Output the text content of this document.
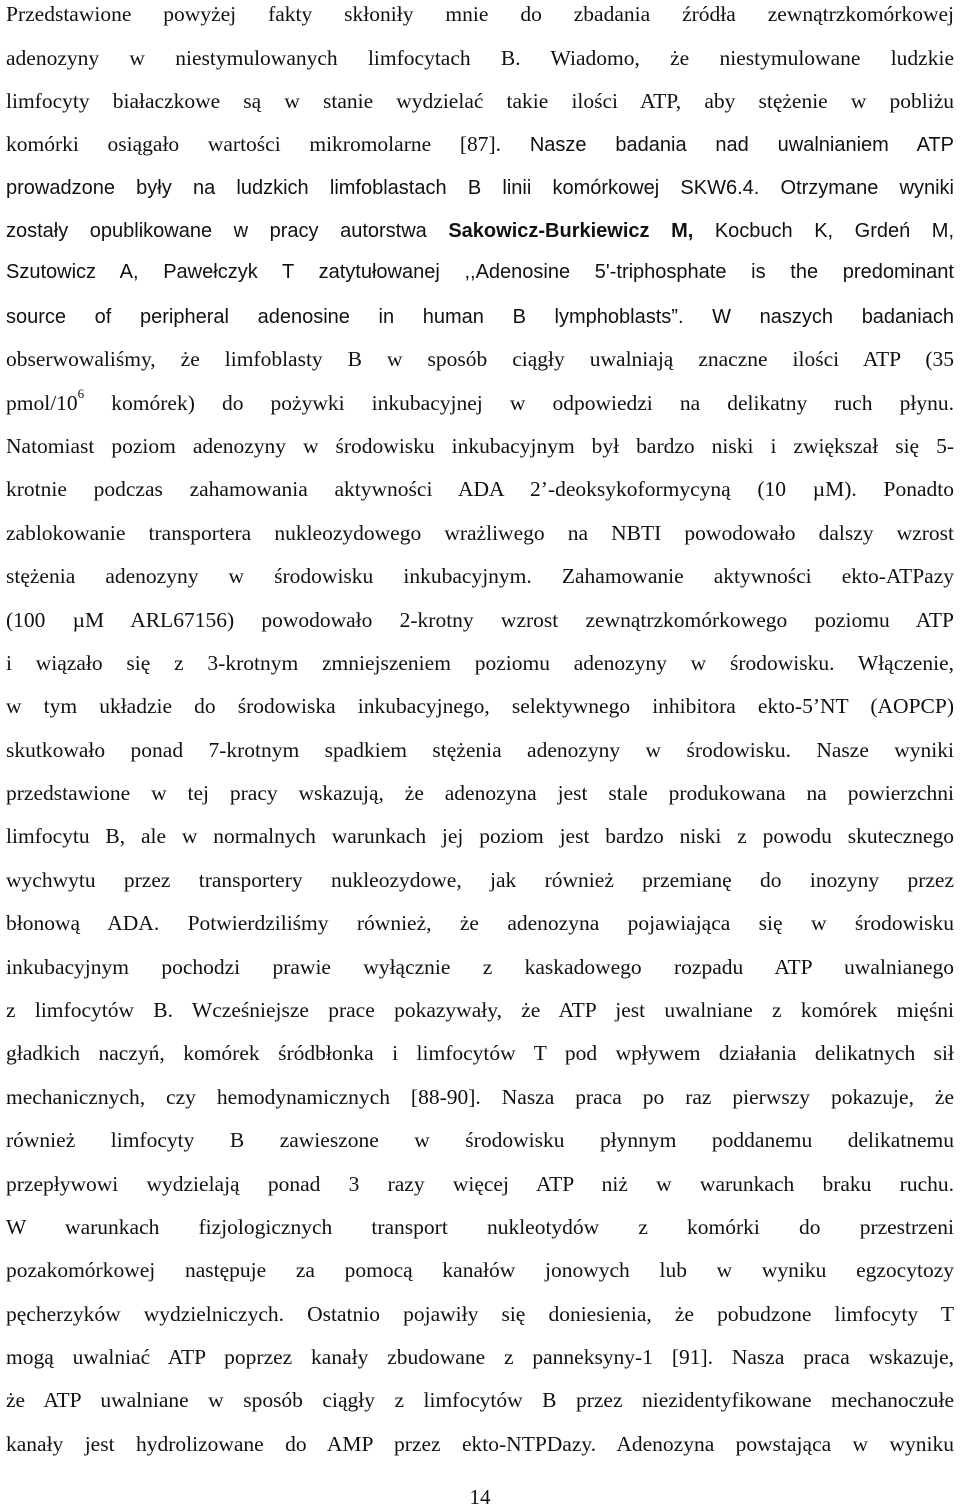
Przedstawione powyżej fakty skłoniły mnie do zbadania źródła zewnątrzkomórkowej
adenozyny w niestymulowanych limfocytach B. Wiadomo, że niestymulowane ludzkie
limfocyty białaczkowe są w stanie wydzielać takie ilości ATP, aby stężenie w pobliżu
komórki osiągało wartości mikromolarne [87]. Nasze badania nad uwalnianiem ATP
prowadzone były na ludzkich limfoblastach B linii komórkowej SKW6.4. Otrzymane wyniki
zostały opublikowane w pracy autorstwa Sakowicz-Burkiewicz M, Kocbuch K, Grdeń M,
Szutowicz A, Pawełczyk T zatytułowanej ,,Adenosine 5'-triphosphate is the predominant
source of peripheral adenosine in human B lymphoblasts”. W naszych badaniach
obserwowaliśmy, że limfoblasty B w sposób ciągły uwalniają znaczne ilości ATP (35
pmol/$10^6$ komórek) do pożywki inkubacyjnej w odpowiedzi na delikatny ruch płynu.
Natomiast poziom adenozyny w środowisku inkubacyjnym był bardzo niski i zwiększał się 5-
krotnie podczas zahamowania aktywności ADA 2’-deoksykoformycyną (10 µM). Ponadto
zablokowanie transportera nukleozydowego wrażliwego na NBTI powodowało dalszy wzrost
stężenia adenozyny w środowisku inkubacyjnym. Zahamowanie aktywności ekto-ATPazy
(100 µM ARL67156) powodowało 2-krotny wzrost zewnątrzkomórkowego poziomu ATP
i wiązało się z 3-krotnym zmniejszeniem poziomu adenozyny w środowisku. Włączenie,
w tym układzie do środowiska inkubacyjnego, selektywnego inhibitora ekto-5’NT (AOPCP)
skutkowało ponad 7-krotnym spadkiem stężenia adenozyny w środowisku. Nasze wyniki
przedstawione w tej pracy wskazują, że adenozyna jest stale produkowana na powierzchni
limfocytu B, ale w normalnych warunkach jej poziom jest bardzo niski z powodu skutecznego
wychwytu przez transportery nukleozydowe, jak również przemianę do inozyny przez
błonową ADA. Potwierdziliśmy również, że adenozyna pojawiająca się w środowisku
inkubacyjnym pochodzi prawie wyłącznie z kaskadowego rozpadu ATP uwalnianego
z limfocytów B. Wcześniejsze prace pokazywały, że ATP jest uwalniane z komórek mięśni
gładkich naczyń, komórek śródbłonka i limfocytów T pod wpływem działania delikatnych sił
mechanicznych, czy hemodynamicznych [88-90]. Nasza praca po raz pierwszy pokazuje, że
również limfocyty B zawieszone w środowisku płynnym poddanemu delikatnemu
przepływowi wydzielają ponad 3 razy więcej ATP niż w warunkach braku ruchu.
W warunkach fizjologicznych transport nukleotydów z komórki do przestrzeni
pozakomórkowej następuje za pomocą kanałów jonowych lub w wyniku egzocytozy
pęcherzyków wydzielniczych. Ostatnio pojawiły się doniesienia, że pobudzone limfocyty T
mogą uwalniać ATP poprzez kanały zbudowane z panneksyny-1 [91]. Nasza praca wskazuje,
że ATP uwalniane w sposób ciągły z limfocytów B przez niezidentyfikowane mechanoczułe
kanały jest hydrolizowane do AMP przez ekto-NTPDazy. Adenozyna powstająca w wyniku
14
